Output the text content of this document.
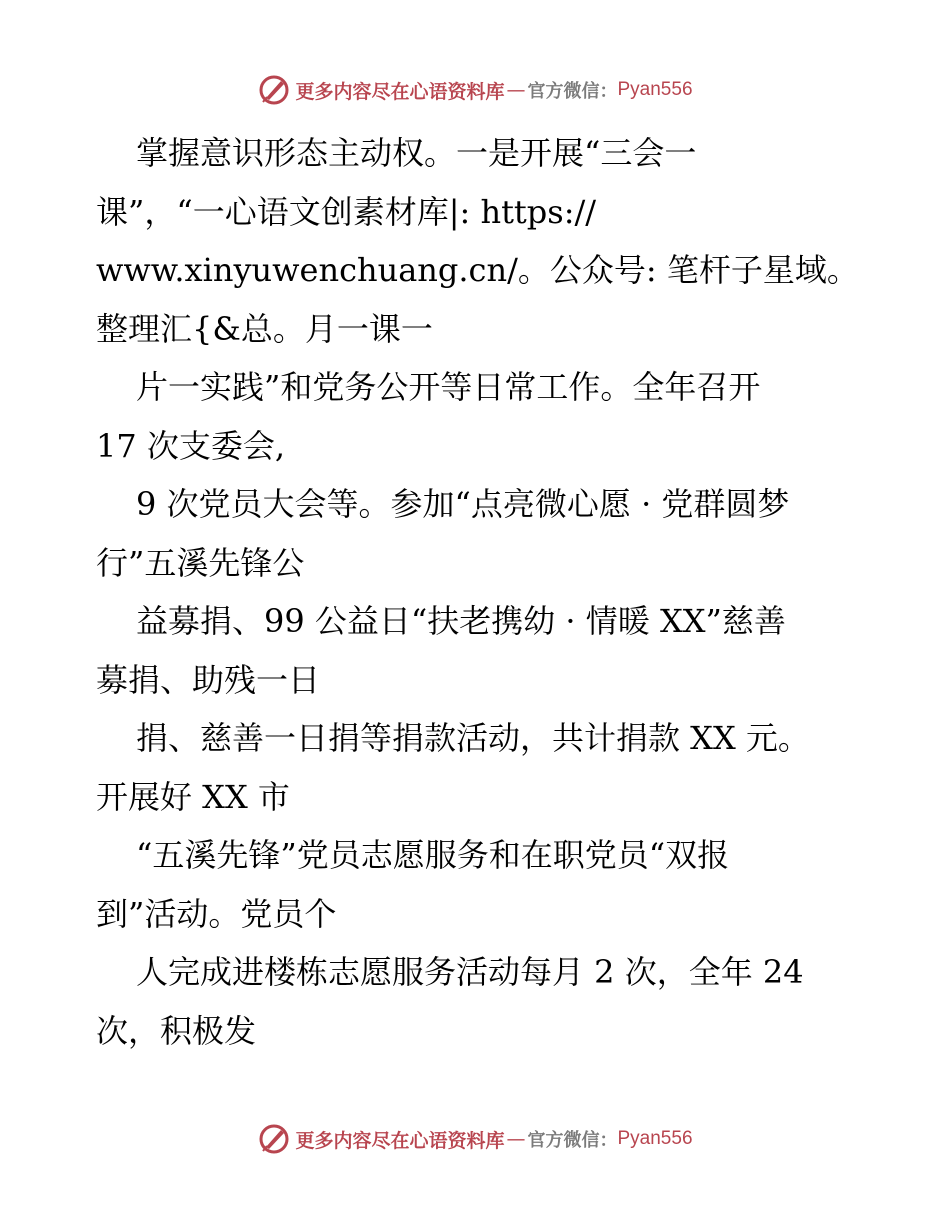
更多内容尽在心语资料库 — 官方微信： Pyan556
掌握意识形态主动权。一是开展“三会一
课”，“一心语文创素材库|: https://
www.xinyuwenchuang.cn/。公众号: 笔杆子星域。
整理汇{&总。月一课一
片一实践”和党务公开等日常工作。全年召开
17 次支委会,
9 次党员大会等。参加“点亮微心愿 · 党群圆梦
行”五溪先锋公
益募捐、99 公益日“扶老携幼 · 情暖 XX”慈善
募捐、助残一日
捐、慈善一日捐等捐款活动，共计捐款 XX 元。
开展好 XX 市
“五溪先锋”党员志愿服务和在职党员“双报
到”活动。党员个
人完成进楼栋志愿服务活动每月 2 次，全年 24
次，积极发
更多内容尽在心语资料库 — 官方微信： Pyan556
